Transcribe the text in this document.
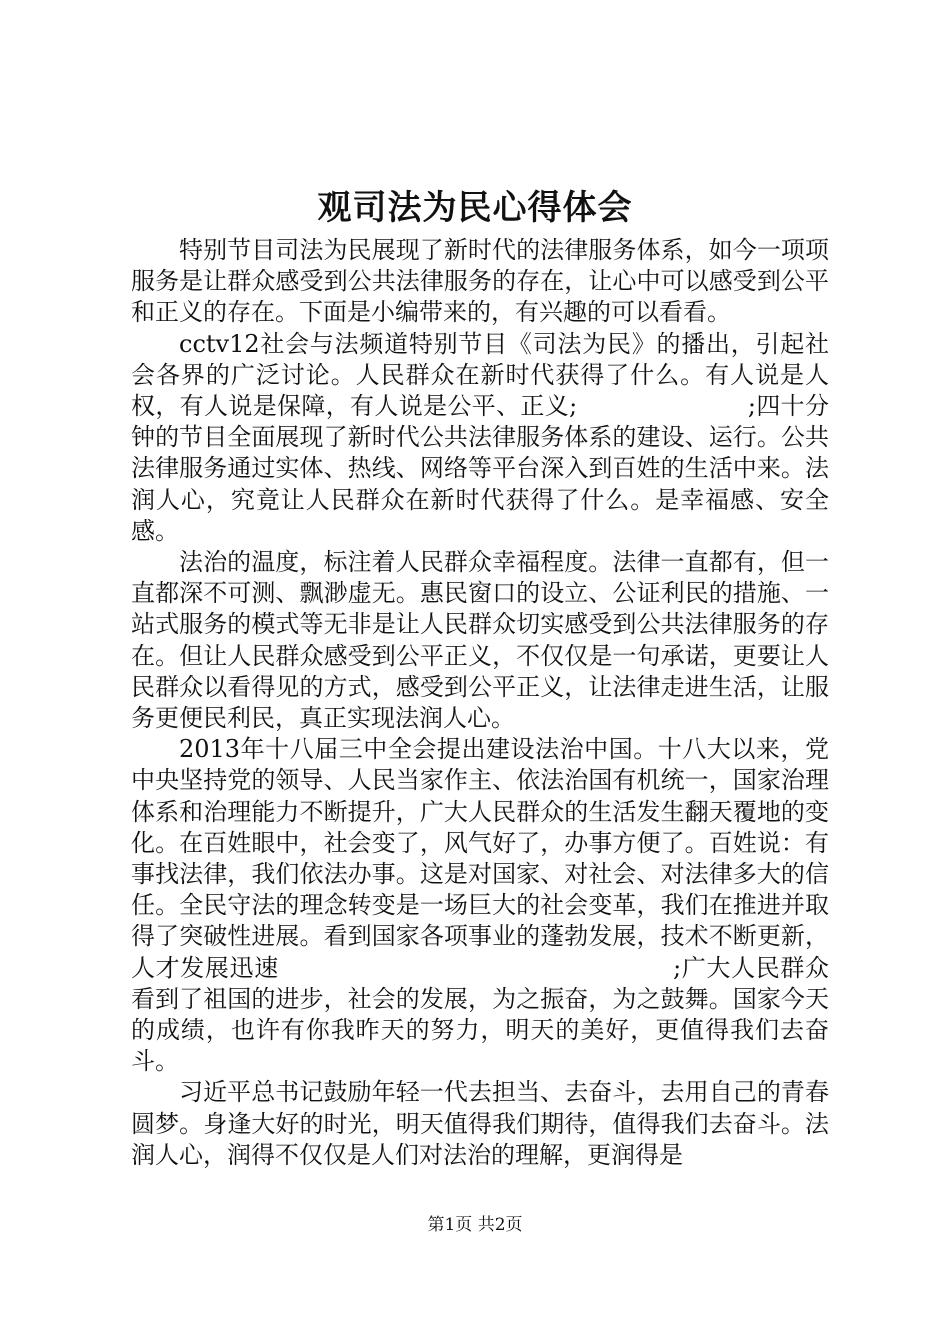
观司法为民心得体会

特别节目司法为民展现了新时代的法律服务体系，如今一项项服务是让群众感受到公共法律服务的存在，让心中可以感受到公平和正义的存在。下面是小编带来的，有兴趣的可以看看。

cctv12社会与法频道特别节目《司法为民》的播出，引起社会各界的广泛讨论。人民群众在新时代获得了什么。有人说是人权，有人说是保障，有人说是公平、正义;　　　　　　　;四十分钟的节目全面展现了新时代公共法律服务体系的建设、运行。公共法律服务通过实体、热线、网络等平台深入到百姓的生活中来。法润人心，究竟让人民群众在新时代获得了什么。是幸福感、安全感。

法治的温度，标注着人民群众幸福程度。法律一直都有，但一直都深不可测、飘渺虚无。惠民窗口的设立、公证利民的措施、一站式服务的模式等无非是让人民群众切实感受到公共法律服务的存在。但让人民群众感受到公平正义，不仅仅是一句承诺，更要让人民群众以看得见的方式，感受到公平正义，让法律走进生活，让服务更便民利民，真正实现法润人心。

2013年十八届三中全会提出建设法治中国。十八大以来，党中央坚持党的领导、人民当家作主、依法治国有机统一，国家治理体系和治理能力不断提升，广大人民群众的生活发生翻天覆地的变化。在百姓眼中，社会变了，风气好了，办事方便了。百姓说：有事找法律，我们依法办事。这是对国家、对社会、对法律多大的信任。全民守法的理念转变是一场巨大的社会变革，我们在推进并取得了突破性进展。看到国家各项事业的蓬勃发展，技术不断更新，人才发展迅速　　　　　　　　　　　　　　　　;广大人民群众看到了祖国的进步，社会的发展，为之振奋，为之鼓舞。国家今天的成绩，也许有你我昨天的努力，明天的美好，更值得我们去奋斗。

习近平总书记鼓励年轻一代去担当、去奋斗，去用自己的青春圆梦。身逢大好的时光，明天值得我们期待，值得我们去奋斗。法润人心，润得不仅仅是人们对法治的理解，更润得是

第1页 共2页
